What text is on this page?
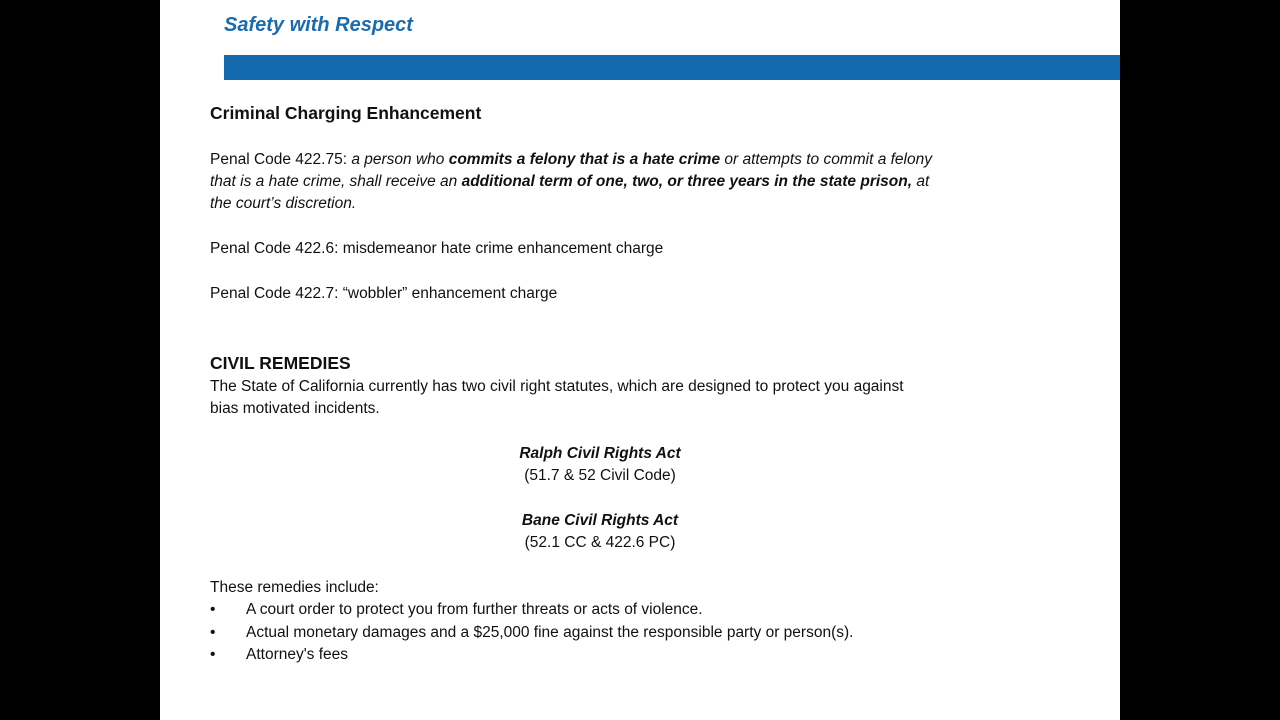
Safety with Respect
Criminal Charging Enhancement
Penal Code 422.75: a person who commits a felony that is a hate crime or attempts to commit a felony
that is a hate crime, shall receive an additional term of one, two, or three years in the state prison, at
the court’s discretion.
Penal Code 422.6: misdemeanor hate crime enhancement charge
Penal Code 422.7: “wobbler” enhancement charge
CIVIL REMEDIES
The State of California currently has two civil right statutes, which are designed to protect you against
bias motivated incidents.
Ralph Civil Rights Act
(51.7 & 52 Civil Code)
Bane Civil Rights Act
(52.1 CC & 422.6 PC)
These remedies include:
• A court order to protect you from further threats or acts of violence.
• Actual monetary damages and a $25,000 fine against the responsible party or person(s).
• Attorney's fees
